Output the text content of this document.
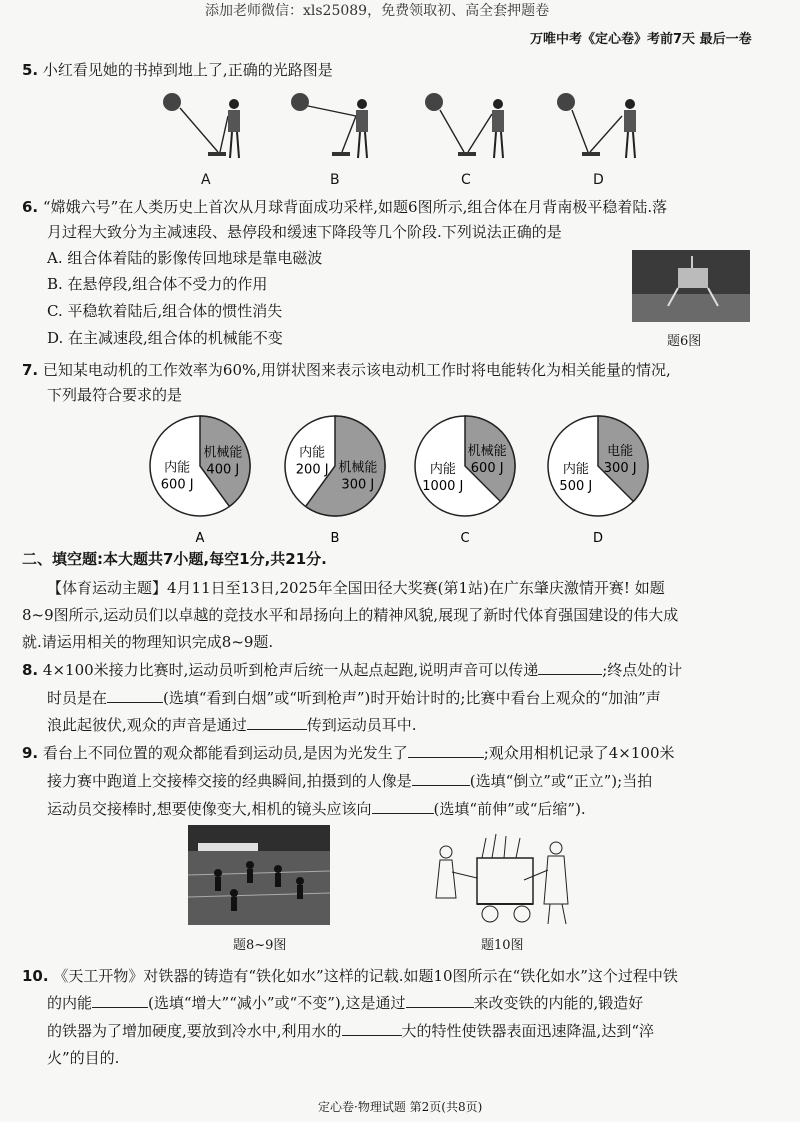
添加老师微信：xls25089，免费领取初、高全套押题卷
万唯中考《定心卷》考前7天 最后一卷
5. 小红看见她的书掉到地上了,正确的光路图是
A	B	C	D
6. “嫦娥六号”在人类历史上首次从月球背面成功采样,如题6图所示,组合体在月背南极平稳着陆.落
月过程大致分为主减速段、悬停段和缓速下降段等几个阶段.下列说法正确的是
A. 组合体着陆的影像传回地球是靠电磁波
B. 在悬停段,组合体不受力的作用
C. 平稳软着陆后,组合体的惯性消失
D. 在主减速段,组合体的机械能不变	题6图
7. 已知某电动机的工作效率为60%,用饼状图来表示该电动机工作时将电能转化为相关能量的情况,
下列最符合要求的是
机械能
400 J
内能
600 J
A
机械能
300 J
内能
200 J
B
机械能
600 J
内能
1000 J
C
电能
300 J
内能
500 J
D
二、填空题:本大题共7小题,每空1分,共21分.
【体育运动主题】4月11日至13日,2025年全国田径大奖赛(第1站)在广东肇庆激情开赛! 如题
8~9图所示,运动员们以卓越的竞技水平和昂扬向上的精神风貌,展现了新时代体育强国建设的伟大成
就.请运用相关的物理知识完成8~9题.
8. 4×100米接力比赛时,运动员听到枪声后统一从起点起跑,说明声音可以传递	;终点处的计
时员是在	(选填“看到白烟”或“听到枪声”)时开始计时的;比赛中看台上观众的“加油”声
浪此起彼伏,观众的声音是通过	传到运动员耳中.
9. 看台上不同位置的观众都能看到运动员,是因为光发生了	;观众用相机记录了4×100米
接力赛中跑道上交接棒交接的经典瞬间,拍摄到的人像是	(选填“倒立”或“正立”);当拍
运动员交接棒时,想要使像变大,相机的镜头应该向	(选填“前伸”或“后缩”).
题8~9图	题10图
10. 《天工开物》对铁器的铸造有“铁化如水”这样的记载.如题10图所示在“铁化如水”这个过程中铁
的内能	(选填“增大”“减小”或“不变”),这是通过	来改变铁的内能的,锻造好
的铁器为了增加硬度,要放到冷水中,利用水的	大的特性使铁器表面迅速降温,达到“淬
火”的目的.
定心卷·物理试题 第2页(共8页)
